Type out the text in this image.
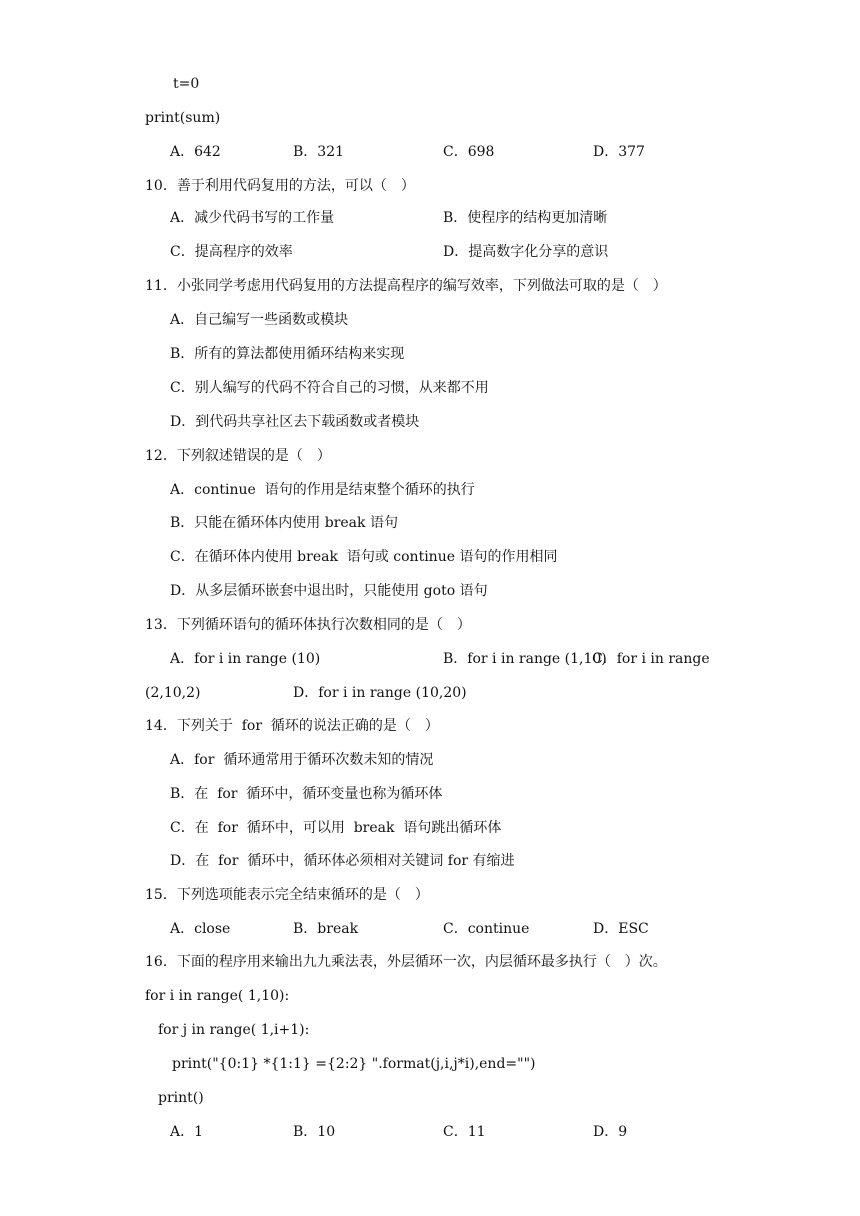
t=0
print(sum)
A．642	B．321	C．698	D．377
10．善于利用代码复用的方法，可以（　）
A．减少代码书写的工作量	B．使程序的结构更加清晰
C．提高程序的效率	D．提高数字化分享的意识
11．小张同学考虑用代码复用的方法提高程序的编写效率，下列做法可取的是（　）
A．自己编写一些函数或模块
B．所有的算法都使用循环结构来实现
C．别人编写的代码不符合自己的习惯，从来都不用
D．到代码共享社区去下载函数或者模块
12．下列叙述错误的是（　）
A．continue  语句的作用是结束整个循环的执行
B．只能在循环体内使用 break 语句
C．在循环体内使用 break  语句或 continue 语句的作用相同
D．从多层循环嵌套中退出时，只能使用 goto 语句
13．下列循环语句的循环体执行次数相同的是（　）
A．for i in range (10)	B．for i in range (1,10)
C．for i in range
(2,10,2)	D．for i in range (10,20)
14．下列关于  for  循环的说法正确的是（　）
A．for  循环通常用于循环次数未知的情况
B．在  for  循环中，循环变量也称为循环体
C．在  for  循环中，可以用  break  语句跳出循环体
D．在  for  循环中，循环体必须相对关键词 for 有缩进
15．下列选项能表示完全结束循环的是（　）
A．close	B．break	C．continue	D．ESC
16．下面的程序用来输出九九乘法表，外层循环一次，内层循环最多执行（　）次。
for i in range( 1,10):
for j in range( 1,i+1):
print("{0:1} *{1:1} ={2:2} ".format(j,i,j*i),end="")
print()
A．1	B．10	C．11	D．9
